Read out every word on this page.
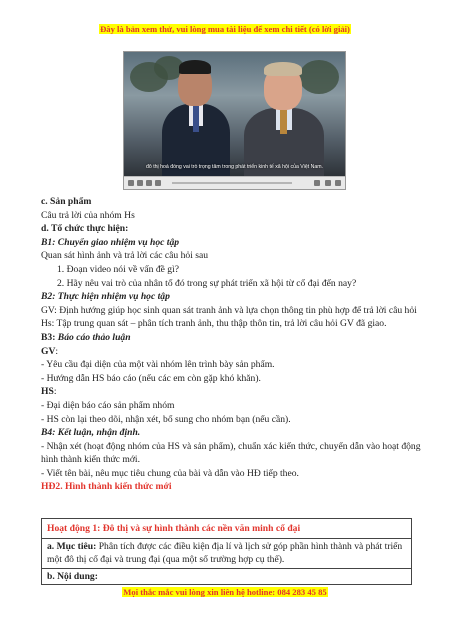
Đây là bản xem thử, vui lòng mua tài liệu để xem chi tiết (có lời giải)
đô thị hoá đóng vai trò trọng tâm trong phát triển kinh tế xã hội của Việt Nam.

c. Sản phẩm

Câu trả lời của nhóm Hs

d. Tổ chức thực hiện:

B1: Chuyển giao nhiệm vụ học tập

Quan sát hình ảnh và trả lời các câu hỏi sau

1. Đoạn video nói về vấn đề gì?

2. Hãy nêu vai trò của nhân tố đó trong sự phát triển xã hội từ cổ đại đến nay?

B2: Thực hiện nhiệm vụ học tập

GV: Định hướng giúp học sinh quan sát tranh ảnh và lựa chọn thông tin phù hợp để trả lời câu hỏi

Hs: Tập trung quan sát – phân tích tranh ảnh, thu thập thôn tin, trả lời câu hỏi GV đã giao.

B3: Báo cáo thảo luận

GV:

- Yêu cầu đại diện của một vài nhóm lên trình bày sản phẩm.

- Hướng dẫn HS báo cáo (nếu các em còn gặp khó khăn).

HS:

- Đại diện báo cáo sản phẩm nhóm

- HS còn lại theo dõi, nhận xét, bổ sung cho nhóm bạn (nếu cần).

B4: Kết luận, nhận định.

- Nhận xét (hoạt động nhóm của HS và sản phẩm), chuẩn xác kiến thức, chuyển dẫn vào hoạt động hình thành kiến thức mới.

- Viết tên bài, nêu mục tiêu chung của bài và dẫn vào HĐ tiếp theo.

HĐ2. Hình thành kiến thức mới

Hoạt động 1: Đô thị và sự hình thành các nền văn minh cổ đại
a. Mục tiêu: Phân tích được các điều kiện địa lí và lịch sử góp phần hình thành và phát triển một đô thị cổ đại và trung đại (qua một số trường hợp cụ thể).
b. Nội dung:
Mọi thắc mắc vui lòng xin liên hệ hotline: 084 283 45 85
